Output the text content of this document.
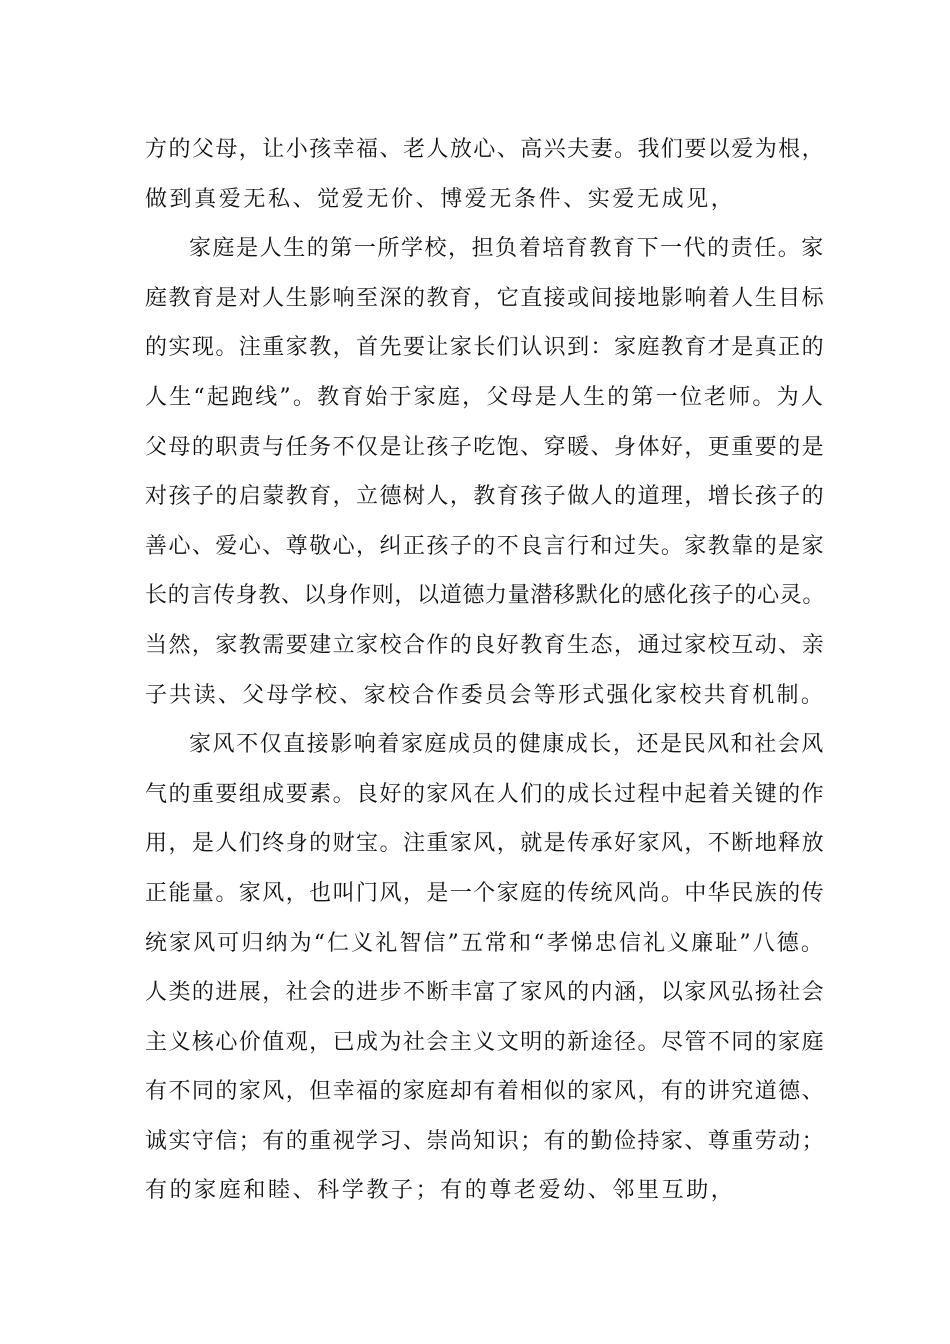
方的父母，让小孩幸福、老人放心、高兴夫妻。我们要以爱为根，
做到真爱无私、觉爱无价、博爱无条件、实爱无成见，
家庭是人生的第一所学校，担负着培育教育下一代的责任。家
庭教育是对人生影响至深的教育，它直接或间接地影响着人生目标
的实现。注重家教，首先要让家长们认识到：家庭教育才是真正的
人生“起跑线”。教育始于家庭，父母是人生的第一位老师。为人
父母的职责与任务不仅是让孩子吃饱、穿暖、身体好，更重要的是
对孩子的启蒙教育，立德树人，教育孩子做人的道理，增长孩子的
善心、爱心、尊敬心，纠正孩子的不良言行和过失。家教靠的是家
长的言传身教、以身作则，以道德力量潜移默化的感化孩子的心灵。
当然，家教需要建立家校合作的良好教育生态，通过家校互动、亲
子共读、父母学校、家校合作委员会等形式强化家校共育机制。
家风不仅直接影响着家庭成员的健康成长，还是民风和社会风
气的重要组成要素。良好的家风在人们的成长过程中起着关键的作
用，是人们终身的财宝。注重家风，就是传承好家风，不断地释放
正能量。家风，也叫门风，是一个家庭的传统风尚。中华民族的传
统家风可归纳为“仁义礼智信”五常和“孝悌忠信礼义廉耻”八德。
人类的进展，社会的进步不断丰富了家风的内涵，以家风弘扬社会
主义核心价值观，已成为社会主义文明的新途径。尽管不同的家庭
有不同的家风，但幸福的家庭却有着相似的家风，有的讲究道德、
诚实守信；有的重视学习、崇尚知识；有的勤俭持家、尊重劳动；
有的家庭和睦、科学教子；有的尊老爱幼、邻里互助，
